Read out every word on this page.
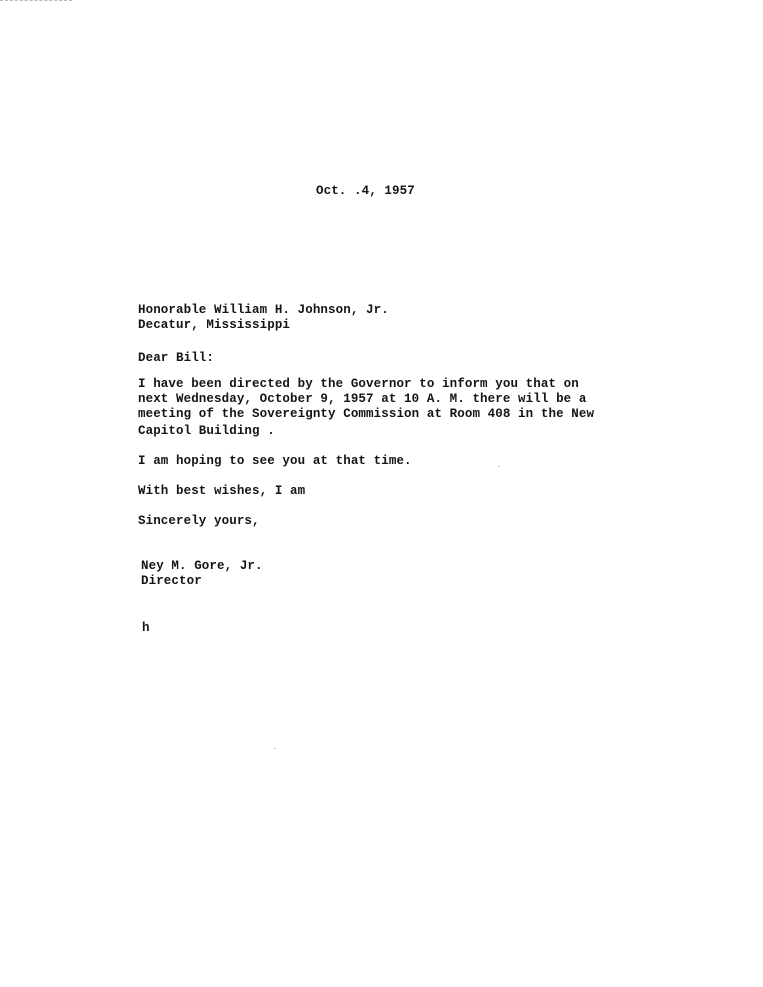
Oct. .4, 1957
Honorable William H. Johnson, Jr.
Decatur, Mississippi
Dear Bill:
I have been directed by the Governor to inform you that on
next Wednesday, October 9, 1957 at 10 A. M. there will be a
meeting of the Sovereignty Commission at Room 408 in the New
Capitol Building .
I am hoping to see you at that time.
With best wishes, I am
Sincerely yours,
Ney M. Gore, Jr.
Director
h
